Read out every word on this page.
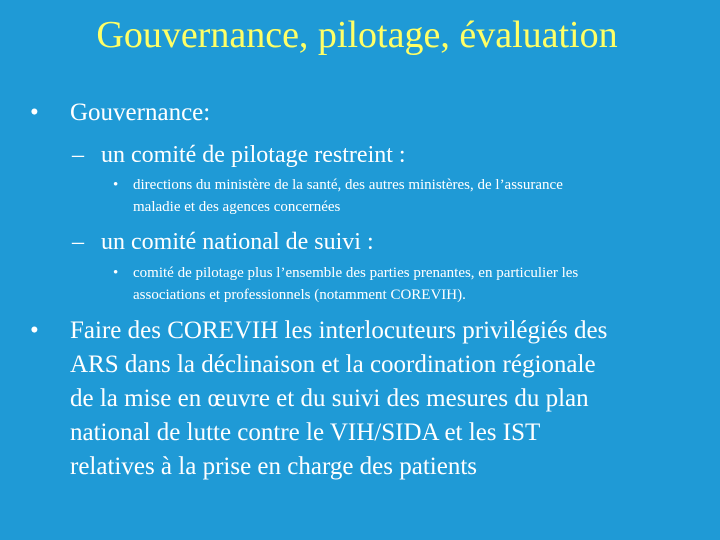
Gouvernance, pilotage, évaluation
• Gouvernance:
– un comité de pilotage restreint :
• directions du ministère de la santé, des autres ministères, de l’assurance
maladie et des agences concernées
– un comité national de suivi :
• comité de pilotage plus l’ensemble des parties prenantes, en particulier les
associations et professionnels (notamment COREVIH).
• Faire des COREVIH les interlocuteurs privilégiés des
ARS dans la déclinaison et la coordination régionale
de la mise en œuvre et du suivi des mesures du plan
national de lutte contre le VIH/SIDA et les IST
relatives à la prise en charge des patients
